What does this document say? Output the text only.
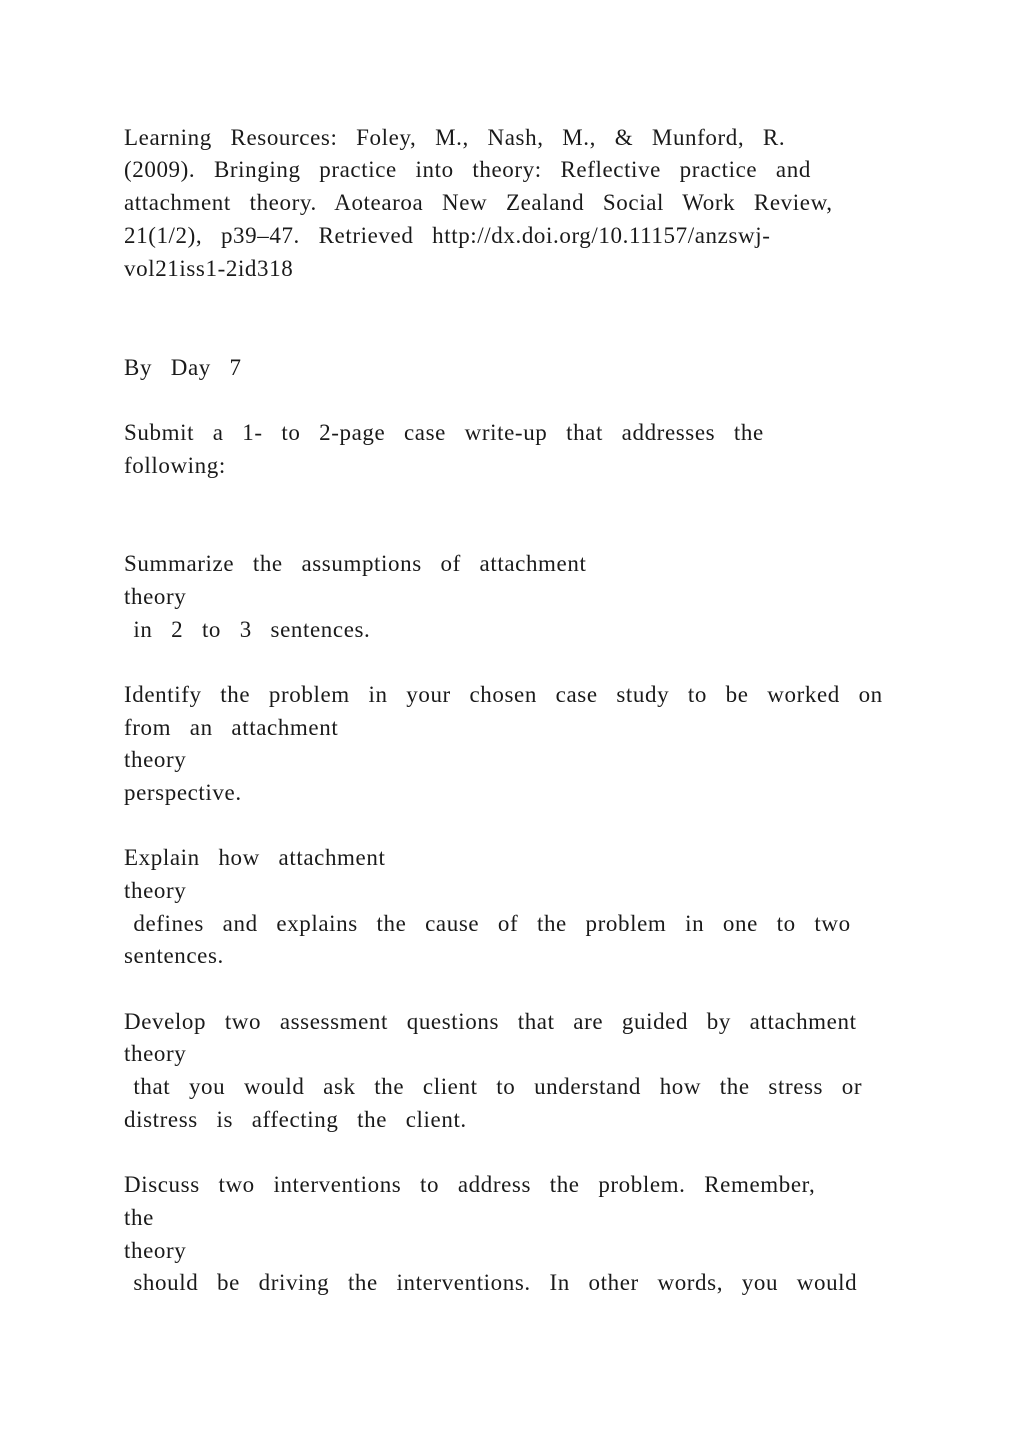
Learning  Resources:  Foley,  M.,  Nash,  M.,  &  Munford,  R.
(2009).  Bringing  practice  into  theory:  Reflective  practice  and
attachment  theory.  Aotearoa  New  Zealand  Social  Work  Review,
21(1/2),  p39–47.  Retrieved  http://dx.doi.org/10.11157/anzswj-
vol21iss1-2id318
By  Day  7
Submit  a  1-  to  2-page  case  write-up  that  addresses  the
following:
Summarize  the  assumptions  of  attachment
theory
in  2  to  3  sentences.
Identify  the  problem  in  your  chosen  case  study  to  be  worked  on
from  an  attachment
theory
perspective.
Explain  how  attachment
theory
defines  and  explains  the  cause  of  the  problem  in  one  to  two
sentences.
Develop  two  assessment  questions  that  are  guided  by  attachment
theory
that  you  would  ask  the  client  to  understand  how  the  stress  or
distress  is  affecting  the  client.
Discuss  two  interventions  to  address  the  problem.  Remember,
the
theory
should  be  driving  the  interventions.  In  other  words,  you  would
